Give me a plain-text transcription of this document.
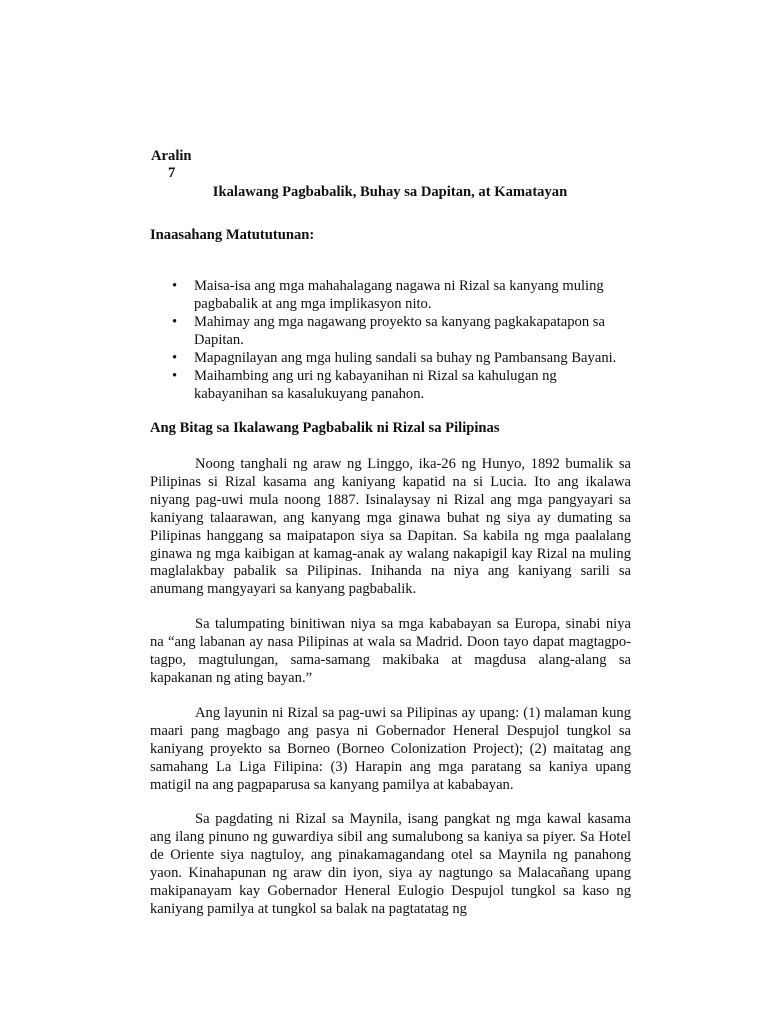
Aralin
7
Ikalawang Pagbabalik, Buhay sa Dapitan, at Kamatayan
Inaasahang Matututunan:
•	Maisa-isa ang mga mahahalagang nagawa ni Rizal sa kanyang muling pagbabalik at ang mga implikasyon nito.
•	Mahimay ang mga nagawang proyekto sa kanyang pagkakapatapon sa Dapitan.
•	Mapagnilayan ang mga huling sandali sa buhay ng Pambansang Bayani.
•	Maihambing ang uri ng kabayanihan ni Rizal sa kahulugan ng kabayanihan sa kasalukuyang panahon.
Ang Bitag sa Ikalawang Pagbabalik ni Rizal sa Pilipinas

Noong tanghali ng araw ng Linggo, ika-26 ng Hunyo, 1892 bumalik sa Pilipinas si Rizal kasama ang kaniyang kapatid na si Lucia. Ito ang ikalawa niyang pag-uwi mula noong 1887. Isinalaysay ni Rizal ang mga pangyayari sa kaniyang talaarawan, ang kanyang mga ginawa buhat ng siya ay dumating sa Pilipinas hanggang sa maipatapon siya sa Dapitan. Sa kabila ng mga paalalang ginawa ng mga kaibigan at kamag-anak ay walang nakapigil kay Rizal na muling maglalakbay pabalik sa Pilipinas. Inihanda na niya ang kaniyang sarili sa anumang mangyayari sa kanyang pagbabalik.

Sa talumpating binitiwan niya sa mga kababayan sa Europa, sinabi niya na “ang labanan ay nasa Pilipinas at wala sa Madrid. Doon tayo dapat magtagpo- tagpo, magtulungan, sama-samang makibaka at magdusa alang-alang sa kapakanan ng ating bayan.”

Ang layunin ni Rizal sa pag-uwi sa Pilipinas ay upang: (1) malaman kung maari pang magbago ang pasya ni Gobernador Heneral Despujol tungkol sa kaniyang proyekto sa Borneo (Borneo Colonization Project); (2) maitatag ang samahang La Liga Filipina: (3) Harapin ang mga paratang sa kaniya upang matigil na ang pagpaparusa sa kanyang pamilya at kababayan.

Sa pagdating ni Rizal sa Maynila, isang pangkat ng mga kawal kasama ang ilang pinuno ng guwardiya sibil ang sumalubong sa kaniya sa piyer. Sa Hotel de Oriente siya nagtuloy, ang pinakamagandang otel sa Maynila ng panahong yaon. Kinahapunan ng araw din iyon, siya ay nagtungo sa Malacañang upang makipanayam kay Gobernador Heneral Eulogio Despujol tungkol sa kaso ng kaniyang pamilya at tungkol sa balak na pagtatatag ng
